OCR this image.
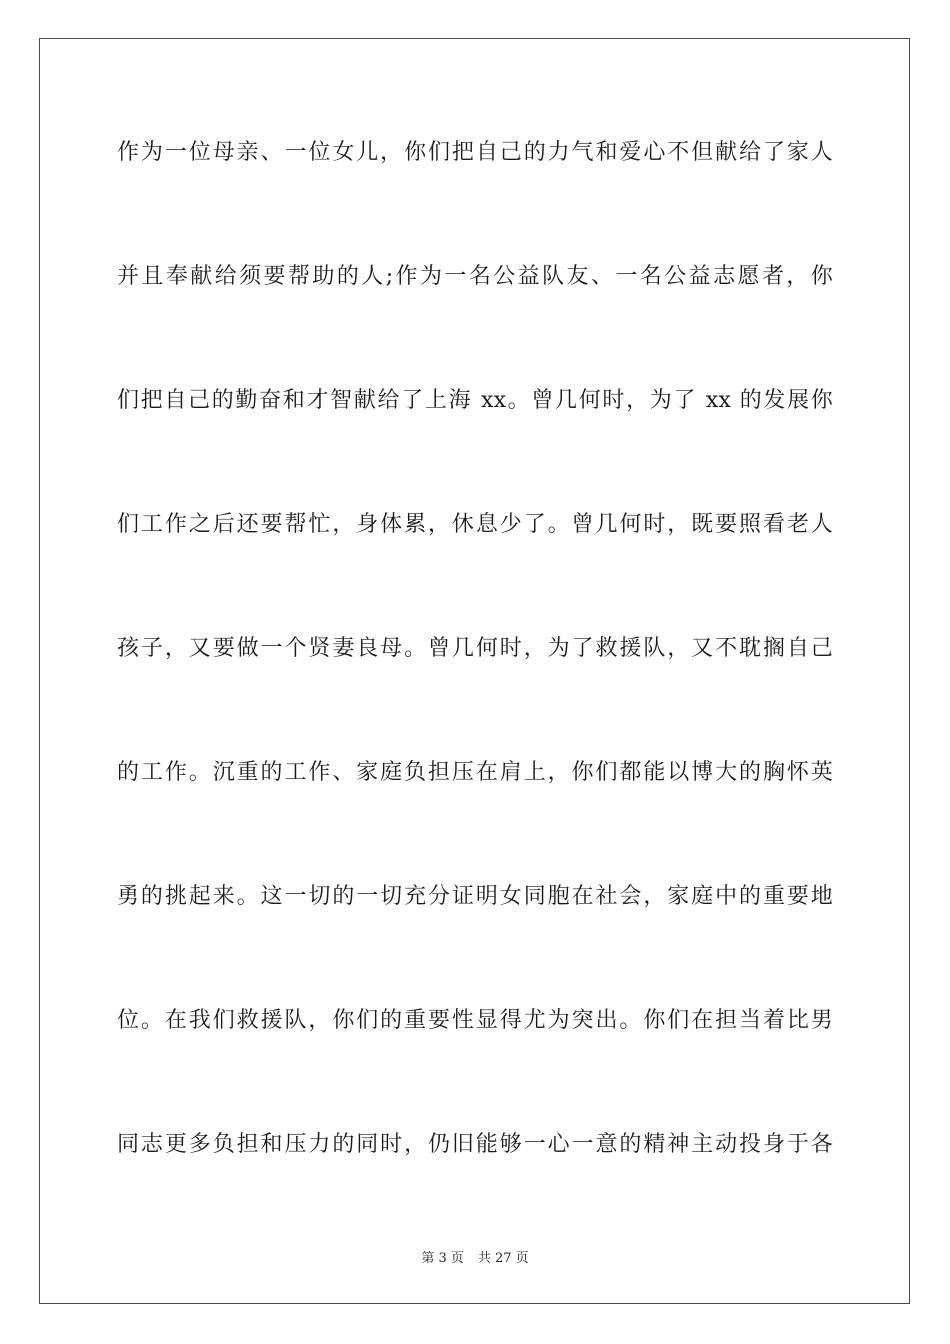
作为一位母亲、一位女儿，你们把自己的力气和爱心不但献给了家人
并且奉献给须要帮助的人;作为一名公益队友、一名公益志愿者，你
们把自己的勤奋和才智献给了上海 xx。曾几何时，为了 xx 的发展你
们工作之后还要帮忙，身体累，休息少了。曾几何时，既要照看老人
孩子，又要做一个贤妻良母。曾几何时，为了救援队，又不耽搁自己
的工作。沉重的工作、家庭负担压在肩上，你们都能以博大的胸怀英
勇的挑起来。这一切的一切充分证明女同胞在社会，家庭中的重要地
位。在我们救援队，你们的重要性显得尤为突出。你们在担当着比男
同志更多负担和压力的同时，仍旧能够一心一意的精神主动投身于各
第 3 页 共 27 页
